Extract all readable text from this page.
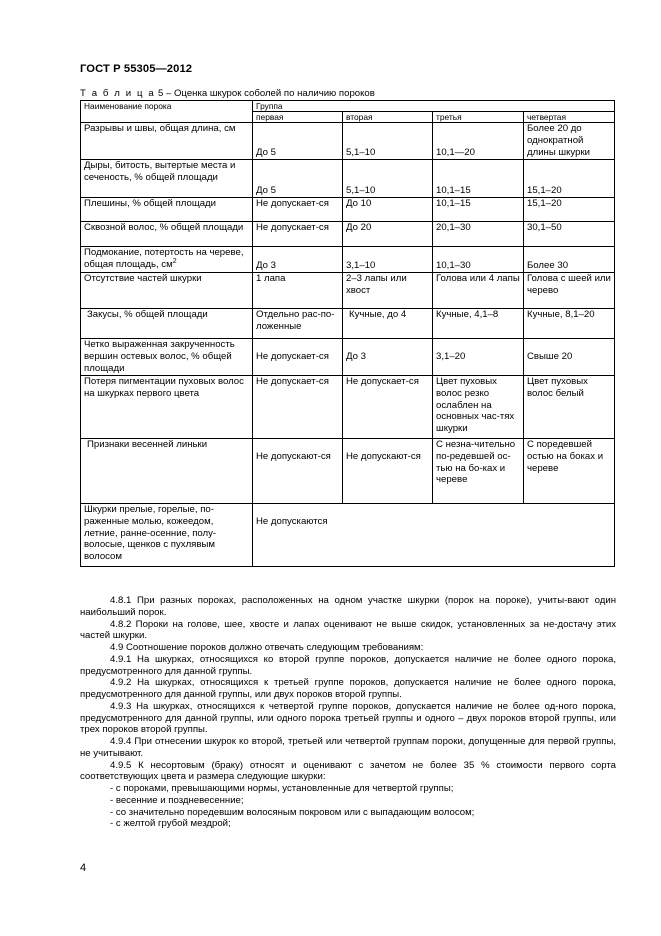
ГОСТ Р 55305—2012
Т а б л и ц а 5 – Оценка шкурок соболей по наличию пороков
Наименование порока	Группа			
	первая	вторая	третья	четвертая
Разрывы и швы, общая длина, см	До 5	5,1–10	10,1—20	Более 20 до однократной длины шкурки
Дыры, битость, вытертые места и сеченость, % общей площади	До 5	5,1–10	10,1–15	15,1–20
Плешины, % общей площади	Не допускает-ся	До 10	10,1–15	15,1–20
Сквозной волос, % общей площади	Не допускает-ся	До 20	20,1–30	30,1–50
Подмокание, потертость на черевe, общая площадь, $см^2$	До 3	3,1–10	10,1–30	Более 30
Отсутствие частей шкурки	1 лапа	2–3 лапы или хвост	Голова или 4 лапы	Голова с шеей или черево
Закусы, % общей площади	Отдельно рас-по-ложенные	Кучные, до 4	Кучные, 4,1–8	Кучные, 8,1–20
Четко выраженная закрученность вершин остевых волос, % общей площади	Не допускает-ся	До 3	3,1–20	Свыше 20
Потеря пигментации пуховых волос на шкурках первого цвета	Не допускает-ся	Не допускает-ся	Цвет пуховых волос резко ослаблен на основных час-тях шкурки	Цвет пуховых волос белый
Признаки весенней линьки	Не допускают-ся	Не допускают-ся	С незна-чительно по-редевшей ос-тью на бо-ках и черевe	С поредевшей остью на боках и черевe
Шкурки прелые, горелые, по-раженные молью, кожеедом, летние, ранне-осенние, полу-волосые, щенков с пухлявым волосом	Не допускаются			

4.8.1 При разных пороках, расположенных на одном участке шкурки (порок на пороке), учиты-вают один наибольший порок.

4.8.2 Пороки на голове, шее, хвосте и лапах оценивают не выше скидок, установленных за не-достачу этих частей шкурки.

4.9 Соотношение пороков должно отвечать следующим требованиям:

4.9.1 На шкурках, относящихся ко второй группе пороков, допускается наличие не более одного порока, предусмотренного для данной группы.

4.9.2 На шкурках, относящихся к третьей группе пороков, допускается наличие не более одного порока, предусмотренного для данной группы, или двух пороков второй группы.

4.9.3 На шкурках, относящихся к четвертой группе пороков, допускается наличие не более од-ного порока, предусмотренного для данной группы, или одного порока третьей группы и одного – двух пороков второй группы, или трех пороков второй группы.

4.9.4 При отнесении шкурок ко второй, третьей или четвертой группам пороки, допущенные для первой группы, не учитывают.

4.9.5 К несортовым (браку) относят и оценивают с зачетом не более 35 % стоимости первого сорта соответствующих цвета и размера следующие шкурки:

- с пороками, превышающими нормы, установленные для четвертой группы;

- весенние и поздневесенние;

- со значительно поредевшим волосяным покровом или с выпадающим волосом;

- с желтой грубой мездрой;

4
